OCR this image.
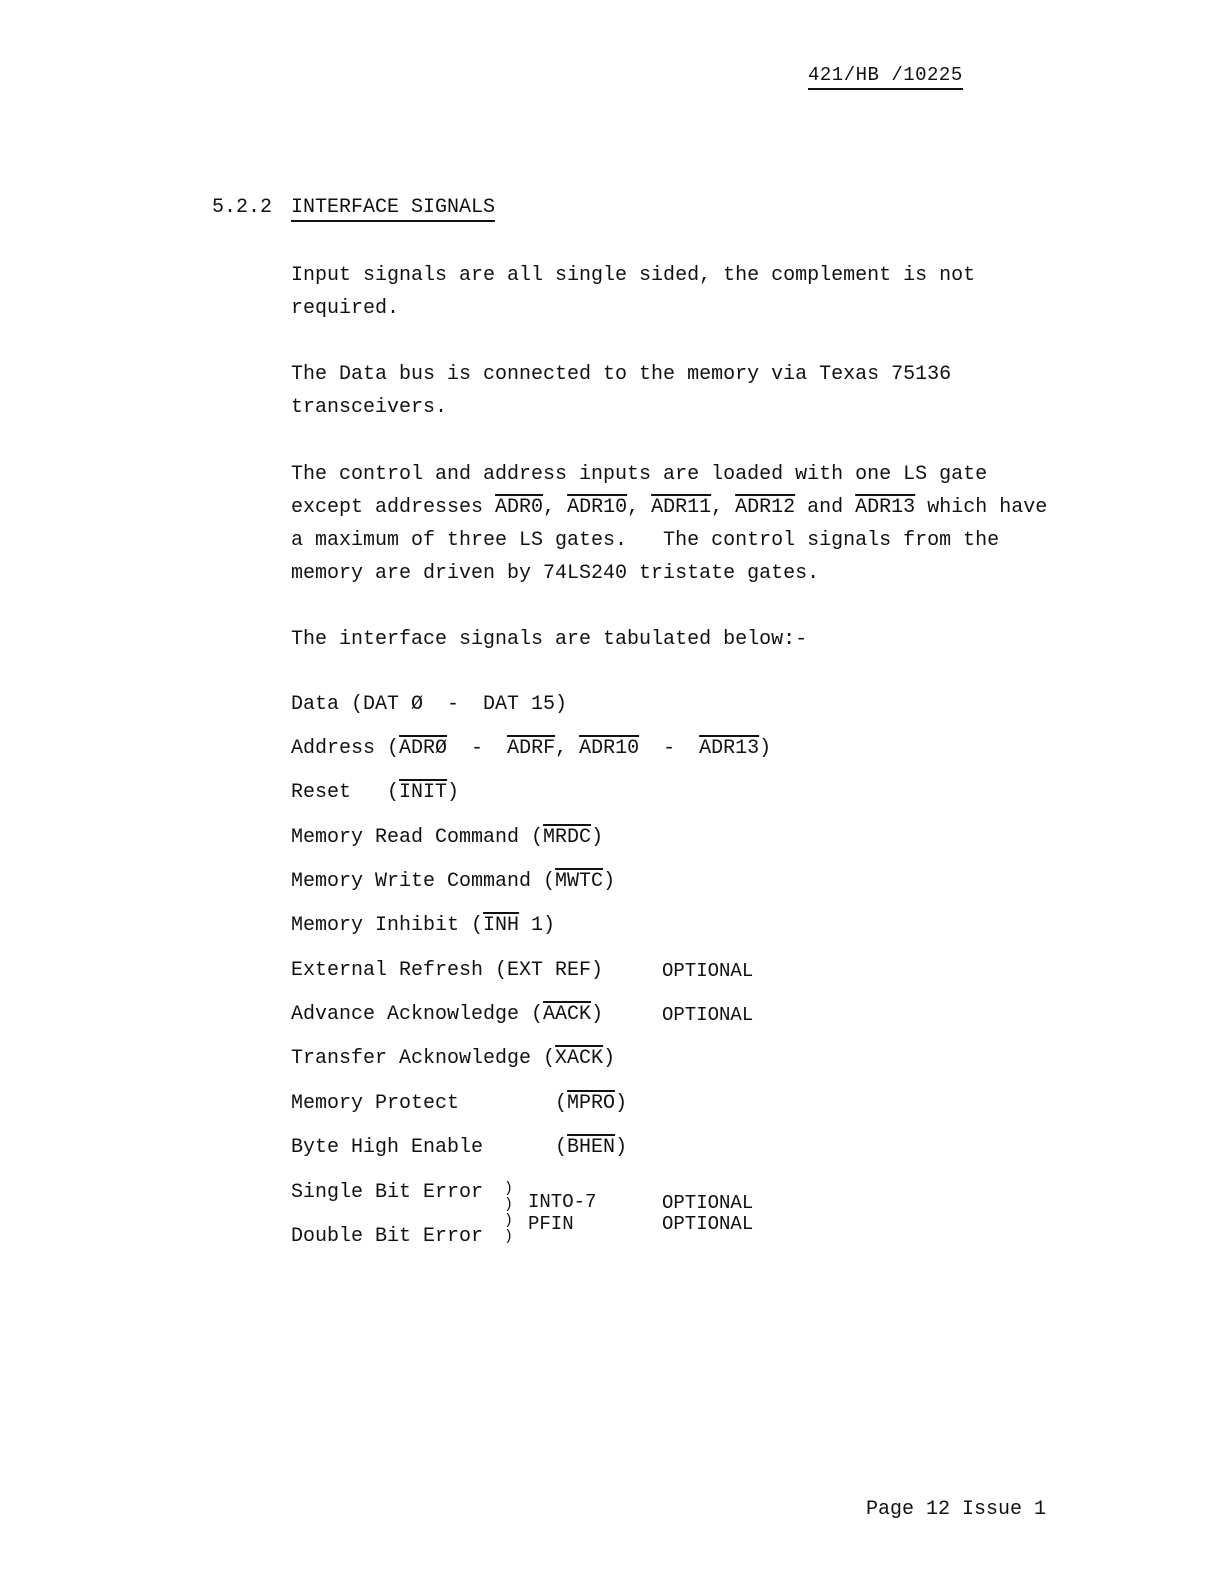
421/HB /10225
5.2.2 INTERFACE SIGNALS
Input signals are all single sided, the complement is not
required.
The Data bus is connected to the memory via Texas 75136
transceivers.
The control and address inputs are loaded with one LS gate
except addresses ADR0, ADR10, ADR11, ADR12 and ADR13 which have
a maximum of three LS gates.   The control signals from the
memory are driven by 74LS240 tristate gates.
The interface signals are tabulated below:-
Data (DAT Ø  -  DAT 15)
Address (ADRØ  -  ADRF, ADR10  -  ADR13)
Reset   (INIT)
Memory Read Command (MRDC)
Memory Write Command (MWTC)
Memory Inhibit ($\overline{INH}$ 1)
External Refresh (EXT REF)	OPTIONAL
Advance Acknowledge (AACK)	OPTIONAL
Transfer Acknowledge (XACK)
Memory Protect        (MPRO)
Byte High Enable      (BHEN)
Single Bit Error
Double Bit Error
)
)
)
)
INTO-7
PFIN
OPTIONAL
OPTIONAL
Page 12 Issue 1
